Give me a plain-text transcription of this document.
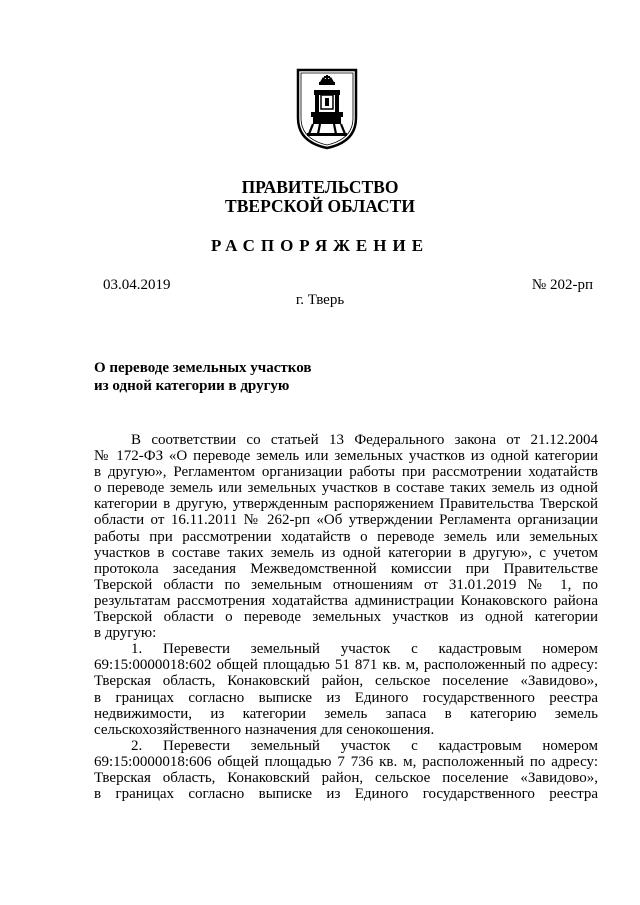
ПРАВИТЕЛЬСТВО
ТВЕРСКОЙ ОБЛАСТИ
РАСПОРЯЖЕНИЕ
03.04.2019	№ 202-рп
г. Тверь
О переводе земельных участков
из одной категории в другую
В соответствии со статьей 13 Федерального закона от 21.12.2004
№ 172-ФЗ «О переводе земель или земельных участков из одной категории
в другую», Регламентом организации работы при рассмотрении ходатайств
о переводе земель или земельных участков в составе таких земель из одной
категории в другую, утвержденным распоряжением Правительства Тверской
области от 16.11.2011 № 262-рп «Об утверждении Регламента организации
работы при рассмотрении ходатайств о переводе земель или земельных
участков в составе таких земель из одной категории в другую», с учетом
протокола заседания Межведомственной комиссии при Правительстве
Тверской области по земельным отношениям от 31.01.2019 № 1, по
результатам рассмотрения ходатайства администрации Конаковского района
Тверской области о переводе земельных участков из одной категории
в другую:
1. Перевести земельный участок с кадастровым номером
69:15:0000018:602 общей площадью 51 871 кв. м, расположенный по адресу:
Тверская область, Конаковский район, сельское поселение «Завидово»,
в границах согласно выписке из Единого государственного реестра
недвижимости, из категории земель запаса в категорию земель
сельскохозяйственного назначения для сенокошения.
2. Перевести земельный участок с кадастровым номером
69:15:0000018:606 общей площадью 7 736 кв. м, расположенный по адресу:
Тверская область, Конаковский район, сельское поселение «Завидово»,
в границах согласно выписке из Единого государственного реестра
